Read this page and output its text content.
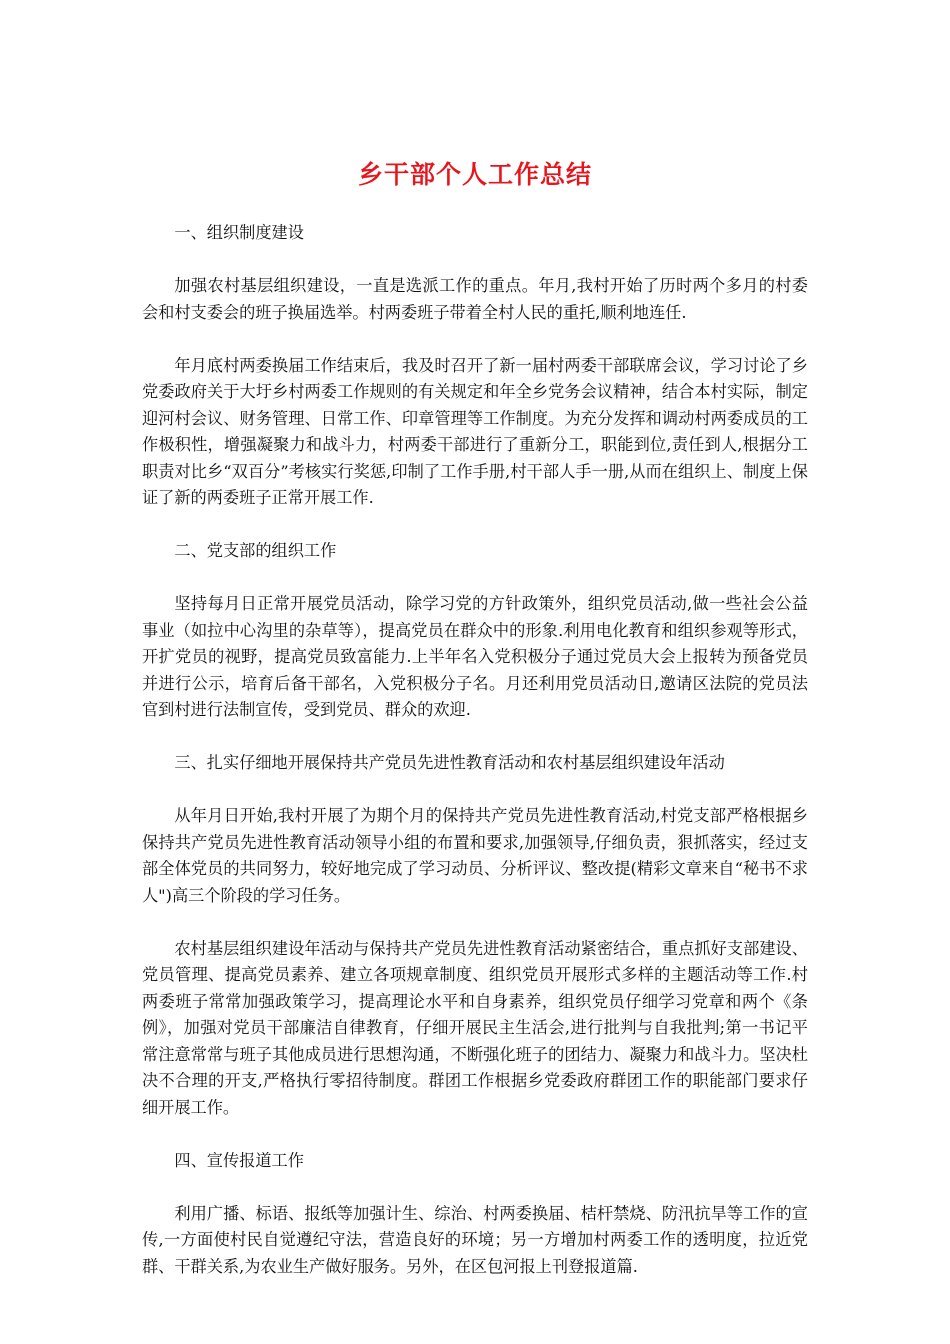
乡干部个人工作总结

一、组织制度建设

加强农村基层组织建设，一直是选派工作的重点。年月,我村开始了历时两个多月的村委会和村支委会的班子换届选举。村两委班子带着全村人民的重托,顺利地连任.

年月底村两委换届工作结束后，我及时召开了新一届村两委干部联席会议，学习讨论了乡党委政府关于大圩乡村两委工作规则的有关规定和年全乡党务会议精神，结合本村实际，制定迎河村会议、财务管理、日常工作、印章管理等工作制度。为充分发挥和调动村两委成员的工作极积性，增强凝聚力和战斗力，村两委干部进行了重新分工，职能到位,责任到人,根据分工职责对比乡“双百分”考核实行奖惩,印制了工作手册,村干部人手一册,从而在组织上、制度上保证了新的两委班子正常开展工作.

二、党支部的组织工作

坚持每月日正常开展党员活动，除学习党的方针政策外，组织党员活动,做一些社会公益事业（如拉中心沟里的杂草等），提高党员在群众中的形象.利用电化教育和组织参观等形式，开扩党员的视野，提高党员致富能力.上半年名入党积极分子通过党员大会上报转为预备党员并进行公示，培育后备干部名，入党积极分子名。月还利用党员活动日,邀请区法院的党员法官到村进行法制宣传，受到党员、群众的欢迎.

三、扎实仔细地开展保持共产党员先进性教育活动和农村基层组织建设年活动

从年月日开始,我村开展了为期个月的保持共产党员先进性教育活动,村党支部严格根据乡保持共产党员先进性教育活动领导小组的布置和要求,加强领导,仔细负责，狠抓落实，经过支部全体党员的共同努力，较好地完成了学习动员、分析评议、整改提(精彩文章来自“秘书不求人")高三个阶段的学习任务。

农村基层组织建设年活动与保持共产党员先进性教育活动紧密结合，重点抓好支部建设、党员管理、提高党员素养、建立各项规章制度、组织党员开展形式多样的主题活动等工作.村两委班子常常加强政策学习，提高理论水平和自身素养，组织党员仔细学习党章和两个《条例》，加强对党员干部廉洁自律教育，仔细开展民主生活会,进行批判与自我批判;第一书记平常注意常常与班子其他成员进行思想沟通，不断强化班子的团结力、凝聚力和战斗力。坚决杜决不合理的开支,严格执行零招待制度。群团工作根据乡党委政府群团工作的职能部门要求仔细开展工作。

四、宣传报道工作

利用广播、标语、报纸等加强计生、综治、村两委换届、桔杆禁烧、防汛抗旱等工作的宣传,一方面使村民自觉遵纪守法，营造良好的环境；另一方增加村两委工作的透明度，拉近党群、干群关系,为农业生产做好服务。另外，在区包河报上刊登报道篇.
